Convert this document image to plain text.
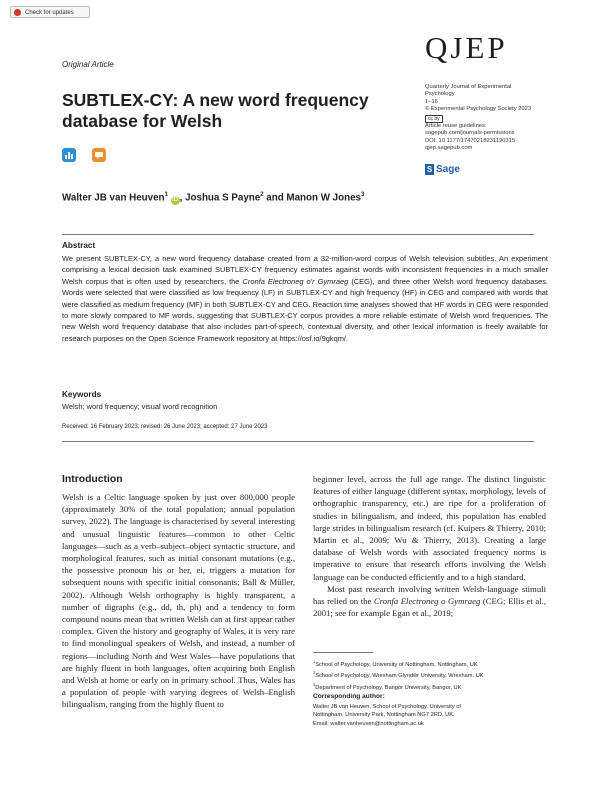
Check for updates
QJEP
Original Article
SUBTLEX-CY: A new word frequency database for Welsh
Quarterly Journal of Experimental
Psychology
1–16
© Experimental Psychology Society 2023
cc by
Article reuse guidelines:
sagepub.com/journals-permissions
DOI: 10.1177/17470218231190315
qjep.sagepub.com
S Sage
Walter JB van Heuven$^1$ iD , Joshua S Payne$^2$ and Manon W Jones$^3$
Abstract
We present SUBTLEX-CY, a new word frequency database created from a 32-million-word corpus of Welsh television subtitles. An experiment comprising a lexical decision task examined SUBTLEX-CY frequency estimates against words with inconsistent frequencies in a much smaller Welsh corpus that is often used by researchers, the Cronfa Electroneg o'r Gymraeg (CEG), and three other Welsh word frequency databases. Words were selected that were classified as low frequency (LF) in SUBTLEX-CY and high frequency (HF) in CEG and compared with words that were classified as medium frequency (MF) in both SUBTLEX-CY and CEG. Reaction time analyses showed that HF words in CEG were responded to more slowly compared to MF words, suggesting that SUBTLEX-CY corpus provides a more reliable estimate of Welsh word frequencies. The new Welsh word frequency database that also includes part-of-speech, contextual diversity, and other lexical information is freely available for research purposes on the Open Science Framework repository at https://osf.io/9gkqm/.
Keywords
Welsh; word frequency; visual word recognition
Received: 16 February 2023; revised: 26 June 2023; accepted: 27 June 2023
Introduction
Welsh is a Celtic language spoken by just over 800,000 people (approximately 30% of the total population; annual population survey, 2022). The language is characterised by several interesting and unusual linguistic features—common to other Celtic languages—such as a verb–subject–object syntactic structure, and morphological features, such as initial consonant mutations (e.g., the possessive pronoun his or her, ei, triggers a mutation for subsequent nouns with specific initial consonants; Ball & Müller, 2002). Although Welsh orthography is highly transparent, a number of digraphs (e.g., dd, th, ph) and a tendency to form compound nouns mean that written Welsh can at first appear rather complex. Given the history and geography of Wales, it is very rare to find monolingual speakers of Welsh, and instead, a number of regions—including North and West Wales—have populations that are highly fluent in both languages, often acquiring both English and Welsh at home or early on in primary school. Thus, Wales has a population of people with varying degrees of Welsh–English bilingualism, ranging from the highly fluent to
beginner level, across the full age range. The distinct linguistic features of either language (different syntax, morphology, levels of orthographic transparency, etc.) are ripe for a proliferation of studies in bilingualism, and indeed, this population has enabled large strides in bilingualism research (cf. Kuipers & Thierry, 2010; Martin et al., 2009; Wu & Thierry, 2013). Creating a large database of Welsh words with associated frequency norms is imperative to ensure that research efforts involving the Welsh language can be conducted efficiently and to a high standard.
Most past research involving written Welsh-language stimuli has relied on the Cronfa Electroneg o Gymraeg (CEG; Ellis et al., 2001; see for example Egan et al., 2019;
$^1$School of Psychology, University of Nottingham, Nottingham, UK
$^2$School of Psychology, Wrexham Glyndŵr University, Wrexham, UK
$^3$Department of Psychology, Bangor University, Bangor, UK
Corresponding author:
Walter JB van Heuven, School of Psychology, University of
Nottingham, University Park, Nottingham NG7 2RD, UK.
Email: walter.vanheuven@nottingham.ac.uk
